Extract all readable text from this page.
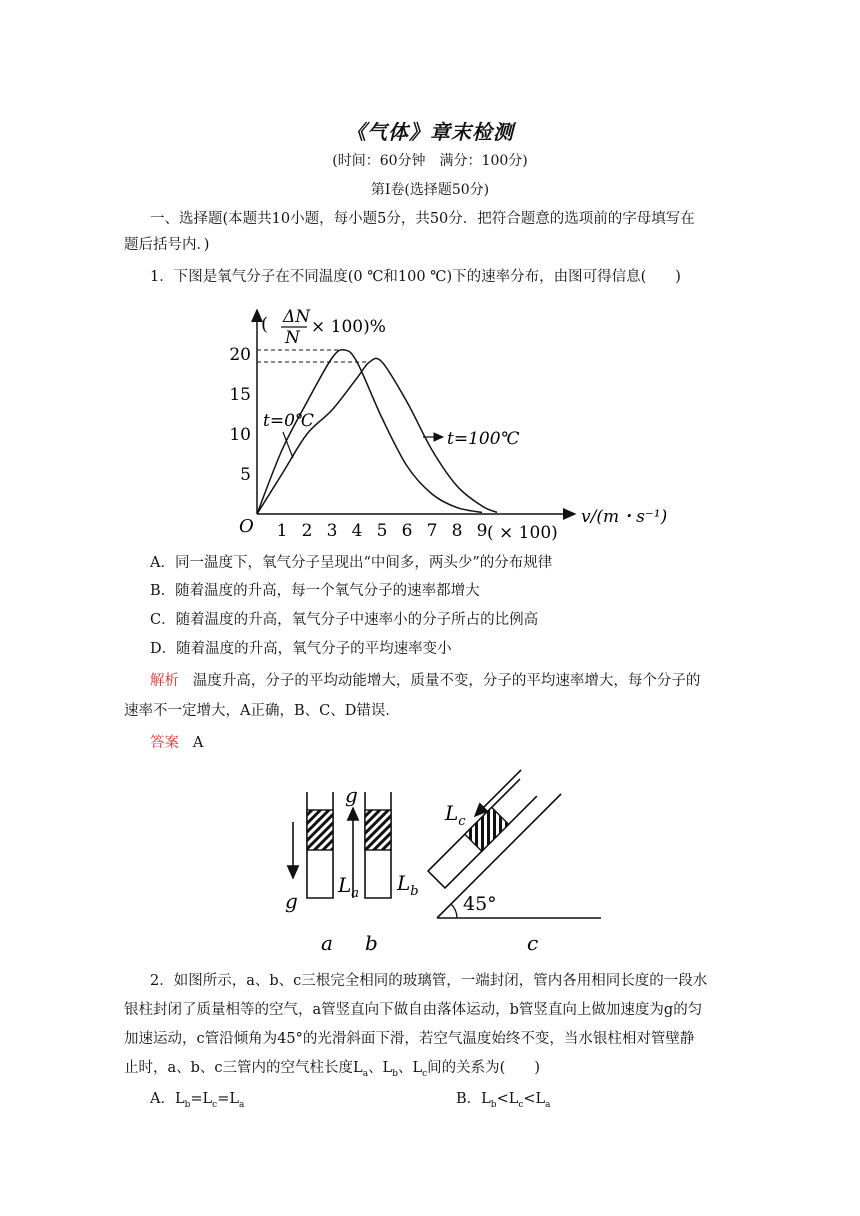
《气体》章末检测
(时间：60分钟　满分：100分)
第Ⅰ卷(选择题50分)
一、选择题(本题共10小题，每小题5分，共50分．把符合题意的选项前的字母填写在
题后括号内．)
1．下图是氧气分子在不同温度(0 ℃和100 ℃)下的速率分布，由图可得信息(　　)
5
10
15
20
1 2 3 4 5 6 7 8 9
O
( ΔN
N
× 100)%
v/(m・s⁻¹)
( × 100)
t=0℃
t=100℃
A．同一温度下，氧气分子呈现出“中间多，两头少”的分布规律
B．随着温度的升高，每一个氧气分子的速率都增大
C．随着温度的升高，氧气分子中速率小的分子所占的比例高
D．随着温度的升高，氧气分子的平均速率变小
解析 温度升高，分子的平均动能增大，质量不变，分子的平均速率增大，每个分子的
速率不一定增大，A正确，B、C、D错误．
答案 A
g
g
$L_a$ $L_b$
45°
$L_c$
a b	c
2．如图所示，a、b、c三根完全相同的玻璃管，一端封闭，管内各用相同长度的一段水
银柱封闭了质量相等的空气，a管竖直向下做自由落体运动，b管竖直向上做加速度为g的匀
加速运动，c管沿倾角为45°的光滑斜面下滑，若空气温度始终不变，当水银柱相对管壁静
止时，a、b、c三管内的空气柱长度$L_a$、$L_b$、$L_c$间的关系为(　　)
A．$L_b=L_c=L_a$	B．$L_b<L_c<L_a$
